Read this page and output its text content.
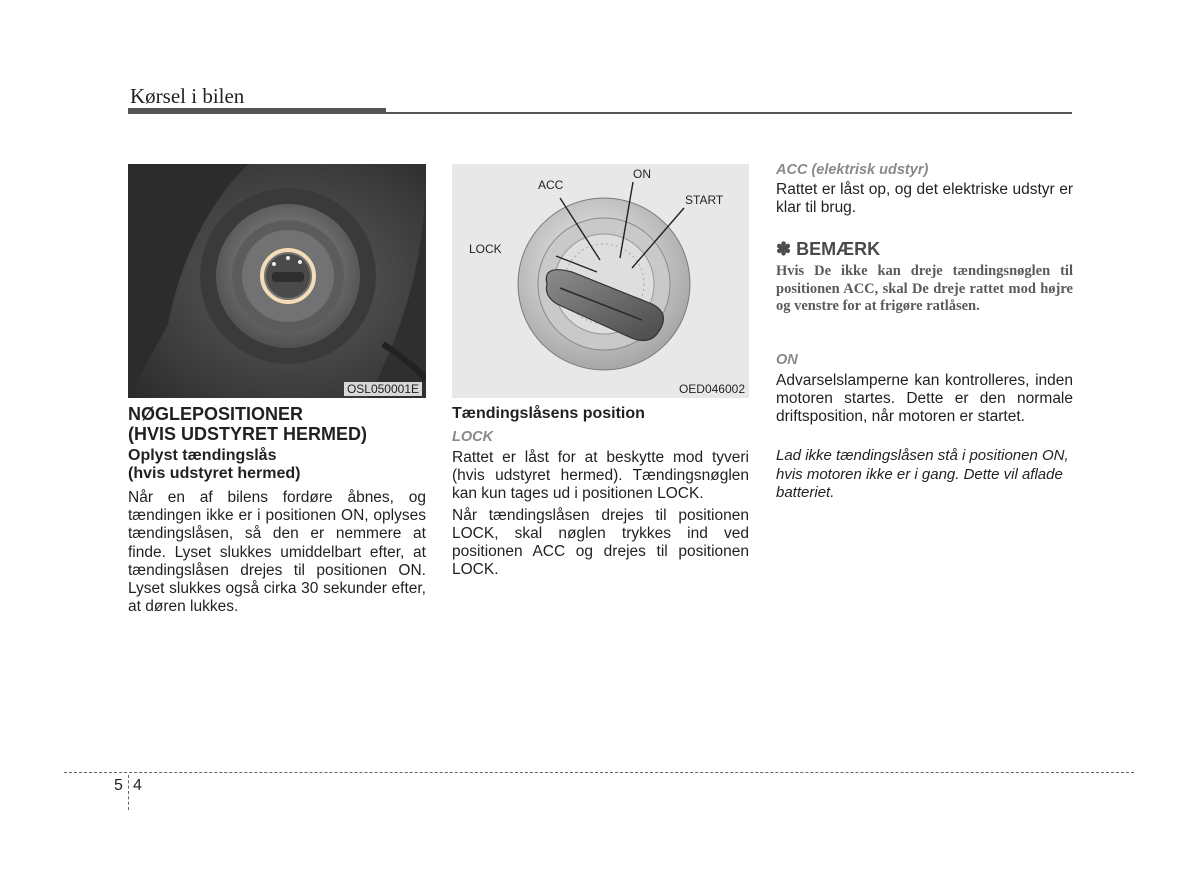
Kørsel i bilen
OSL050001E
ACC
ON
START
LOCK
OED046002
NØGLEPOSITIONER
(HVIS UDSTYRET HERMED)
Oplyst tændingslås
(hvis udstyret hermed)

Når en af bilens fordøre åbnes, og tændingen ikke er i positionen ON, oplyses tændingslåsen, så den er nemmere at finde. Lyset slukkes umiddelbart efter, at tændingslåsen drejes til positionen ON. Lyset slukkes også cirka 30 sekunder efter, at døren lukkes.

Tændingslåsens position
LOCK

Rattet er låst for at beskytte mod tyveri (hvis udstyret hermed). Tændingsnøglen kan kun tages ud i positionen LOCK.

Når tændingslåsen drejes til positionen LOCK, skal nøglen trykkes ind ved positionen ACC og drejes til positionen LOCK.

ACC (elektrisk udstyr)

Rattet er låst op, og det elektriske udstyr er klar til brug.

✽ BEMÆRK
Hvis De ikke kan dreje tændingsnøglen til positionen ACC, skal De dreje rattet mod højre og venstre for at frigøre ratlåsen.
ON

Advarselslamperne kan kontrolleres, inden motoren startes. Dette er den normale driftsposition, når motoren er startet.

Lad ikke tændingslåsen stå i positionen ON, hvis motoren ikke er i gang. Dette vil aflade batteriet.
5 4
